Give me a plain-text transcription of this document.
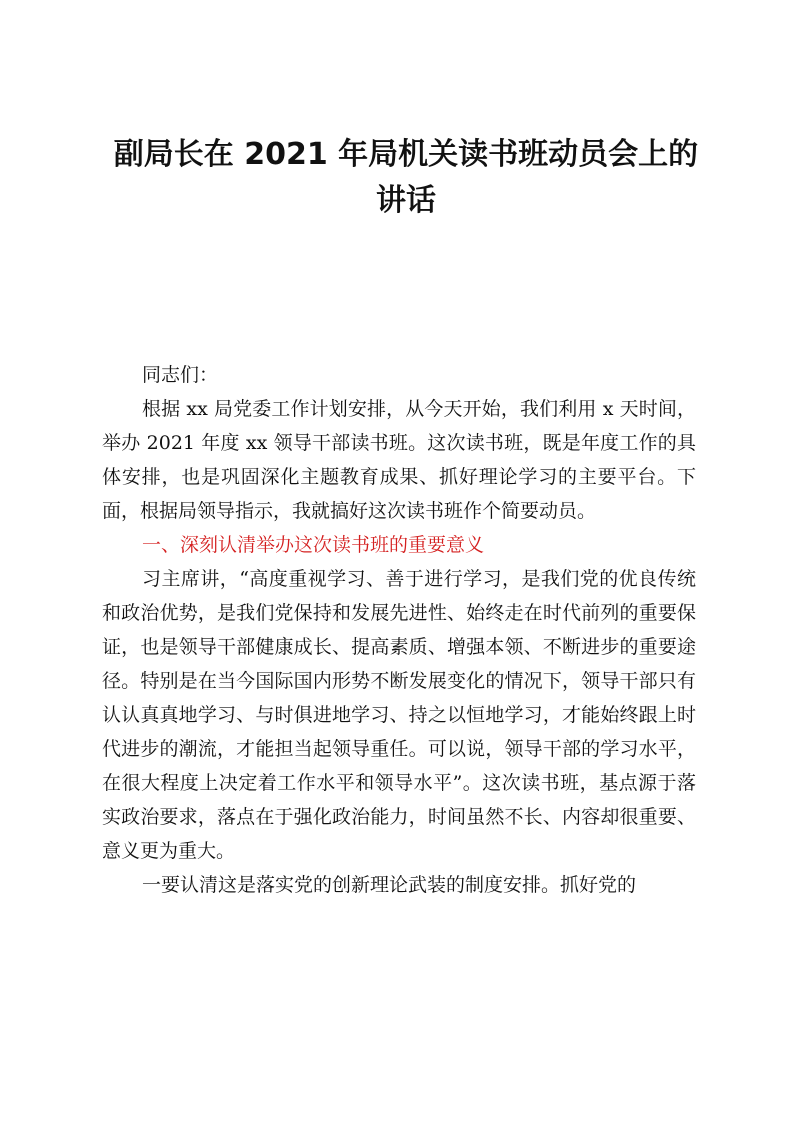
副局长在 2021 年局机关读书班动员会上的讲话

同志们：

根据 xx 局党委工作计划安排，从今天开始，我们利用 x 天时间，举办 2021 年度 xx 领导干部读书班。这次读书班，既是年度工作的具体安排，也是巩固深化主题教育成果、抓好理论学习的主要平台。下面，根据局领导指示，我就搞好这次读书班作个简要动员。

一、深刻认清举办这次读书班的重要意义

习主席讲，“高度重视学习、善于进行学习，是我们党的优良传统和政治优势，是我们党保持和发展先进性、始终走在时代前列的重要保证，也是领导干部健康成长、提高素质、增强本领、不断进步的重要途径。特别是在当今国际国内形势不断发展变化的情况下，领导干部只有认认真真地学习、与时俱进地学习、持之以恒地学习，才能始终跟上时代进步的潮流，才能担当起领导重任。可以说，领导干部的学习水平，在很大程度上决定着工作水平和领导水平”。这次读书班，基点源于落实政治要求，落点在于强化政治能力，时间虽然不长、内容却很重要、意义更为重大。

一要认清这是落实党的创新理论武装的制度安排。抓好党的
